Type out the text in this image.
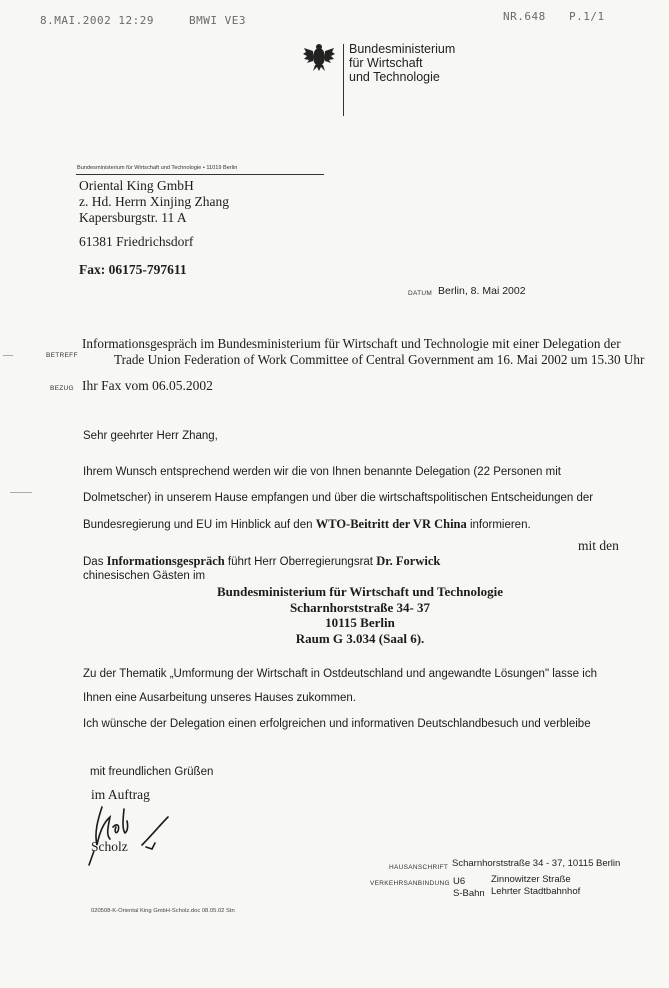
8.MAI.2002 12:29	BMWI VE3	NR.648 P.1/1
Bundesministerium
für Wirtschaft
und Technologie
Bundesministerium für Wirtschaft und Technologie • 11019 Berlin
Oriental King GmbH
z. Hd. Herrn Xinjing Zhang
Kapersburgstr. 11 A
61381 Friedrichsdorf
Fax: 06175-797611
DATUM Berlin, 8. Mai 2002
BETREFF
Informationsgespräch im Bundesministerium für Wirtschaft und Technologie mit einer Delegation der
Trade Union Federation of Work Committee of Central Government am 16. Mai 2002 um 15.30 Uhr
BEZUG Ihr Fax vom 06.05.2002
Sehr geehrter Herr Zhang,
Ihrem Wunsch entsprechend werden wir die von Ihnen benannte Delegation (22 Personen mit
Dolmetscher) in unserem Hause empfangen und über die wirtschaftspolitischen Entscheidungen der
Bundesregierung und EU im Hinblick auf den WTO-Beitritt der VR China informieren.
Das Informationsgespräch führt Herr Oberregierungsrat Dr. Forwick
mit den
chinesischen Gästen im
Bundesministerium für Wirtschaft und Technologie
Scharnhorststraße 34- 37
10115 Berlin
Raum G 3.034 (Saal 6).
Zu der Thematik „Umformung der Wirtschaft in Ostdeutschland und angewandte Lösungen" lasse ich
Ihnen eine Ausarbeitung unseres Hauses zukommen.
Ich wünsche der Delegation einen erfolgreichen und informativen Deutschlandbesuch und verbleibe
mit freundlichen Grüßen
im Auftrag
Scholz
HAUSANSCHRIFT Scharnhorststraße 34 - 37, 10115 Berlin
VERKEHRSANBINDUNG U6	Zinnowitzer Straße
S-Bahn Lehrter Stadtbahnhof
020508-K-Oriental King GmbH-Scholz.doc 08.05.02 Stn
